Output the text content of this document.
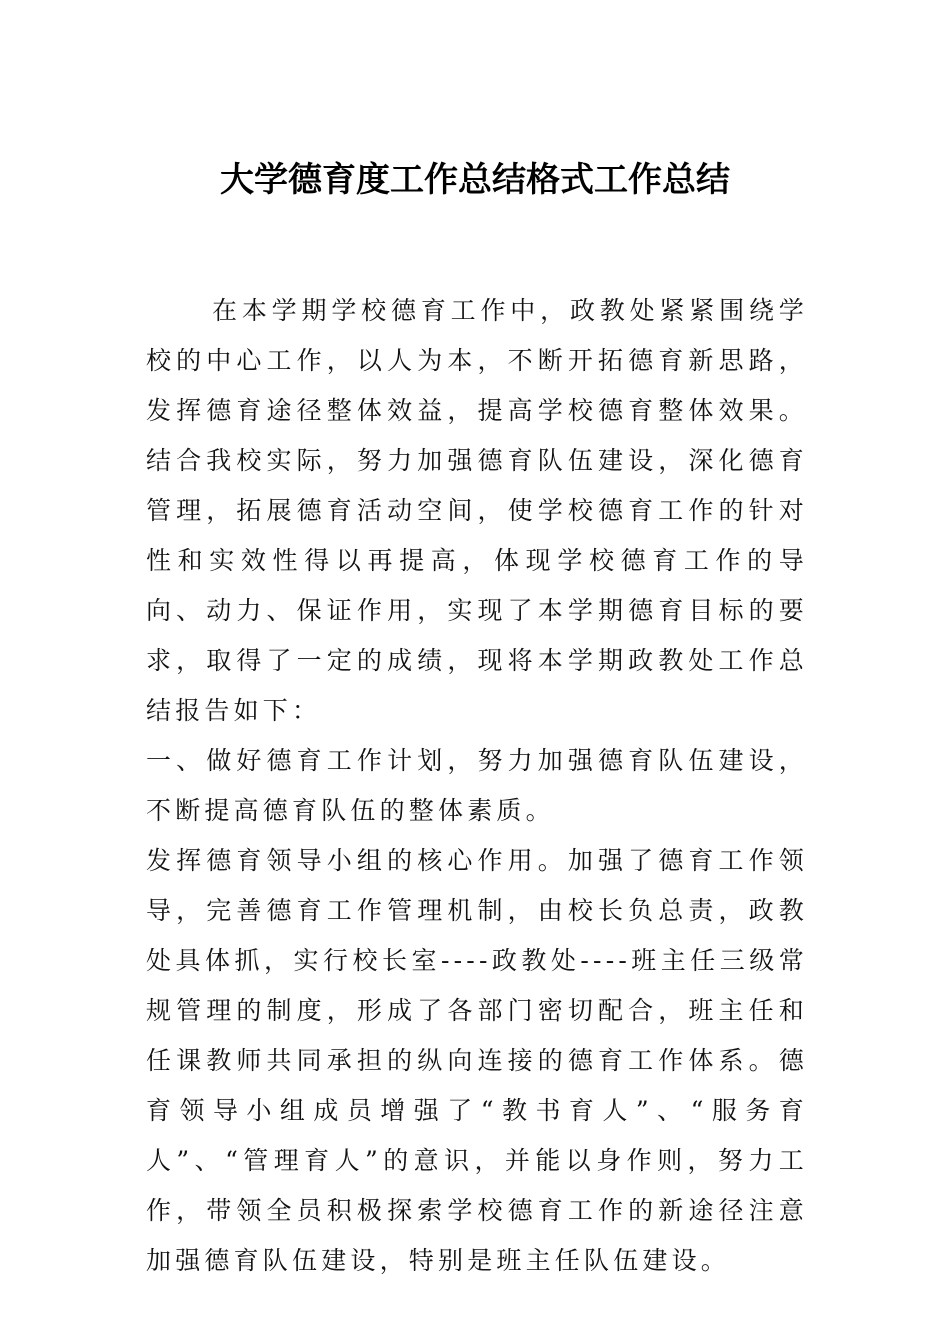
大学德育度工作总结格式工作总结

在本学期学校德育工作中，政教处紧紧围绕学校的中心工作，以人为本，不断开拓德育新思路，发挥德育途径整体效益，提高学校德育整体效果。结合我校实际，努力加强德育队伍建设，深化德育管理，拓展德育活动空间，使学校德育工作的针对性和实效性得以再提高，体现学校德育工作的导向、动力、保证作用，实现了本学期德育目标的要求，取得了一定的成绩，现将本学期政教处工作总结报告如下：

一、做好德育工作计划，努力加强德育队伍建设，不断提高德育队伍的整体素质。

发挥德育领导小组的核心作用。加强了德育工作领导，完善德育工作管理机制，由校长负总责，政教处具体抓，实行校长室----政教处----班主任三级常规管理的制度，形成了各部门密切配合，班主任和任课教师共同承担的纵向连接的德育工作体系。德育领导小组成员增强了“教书育人”、“服务育人”、“管理育人”的意识，并能以身作则，努力工作，带领全员积极探索学校德育工作的新途径注意加强德育队伍建设，特别是班主任队伍建设。
